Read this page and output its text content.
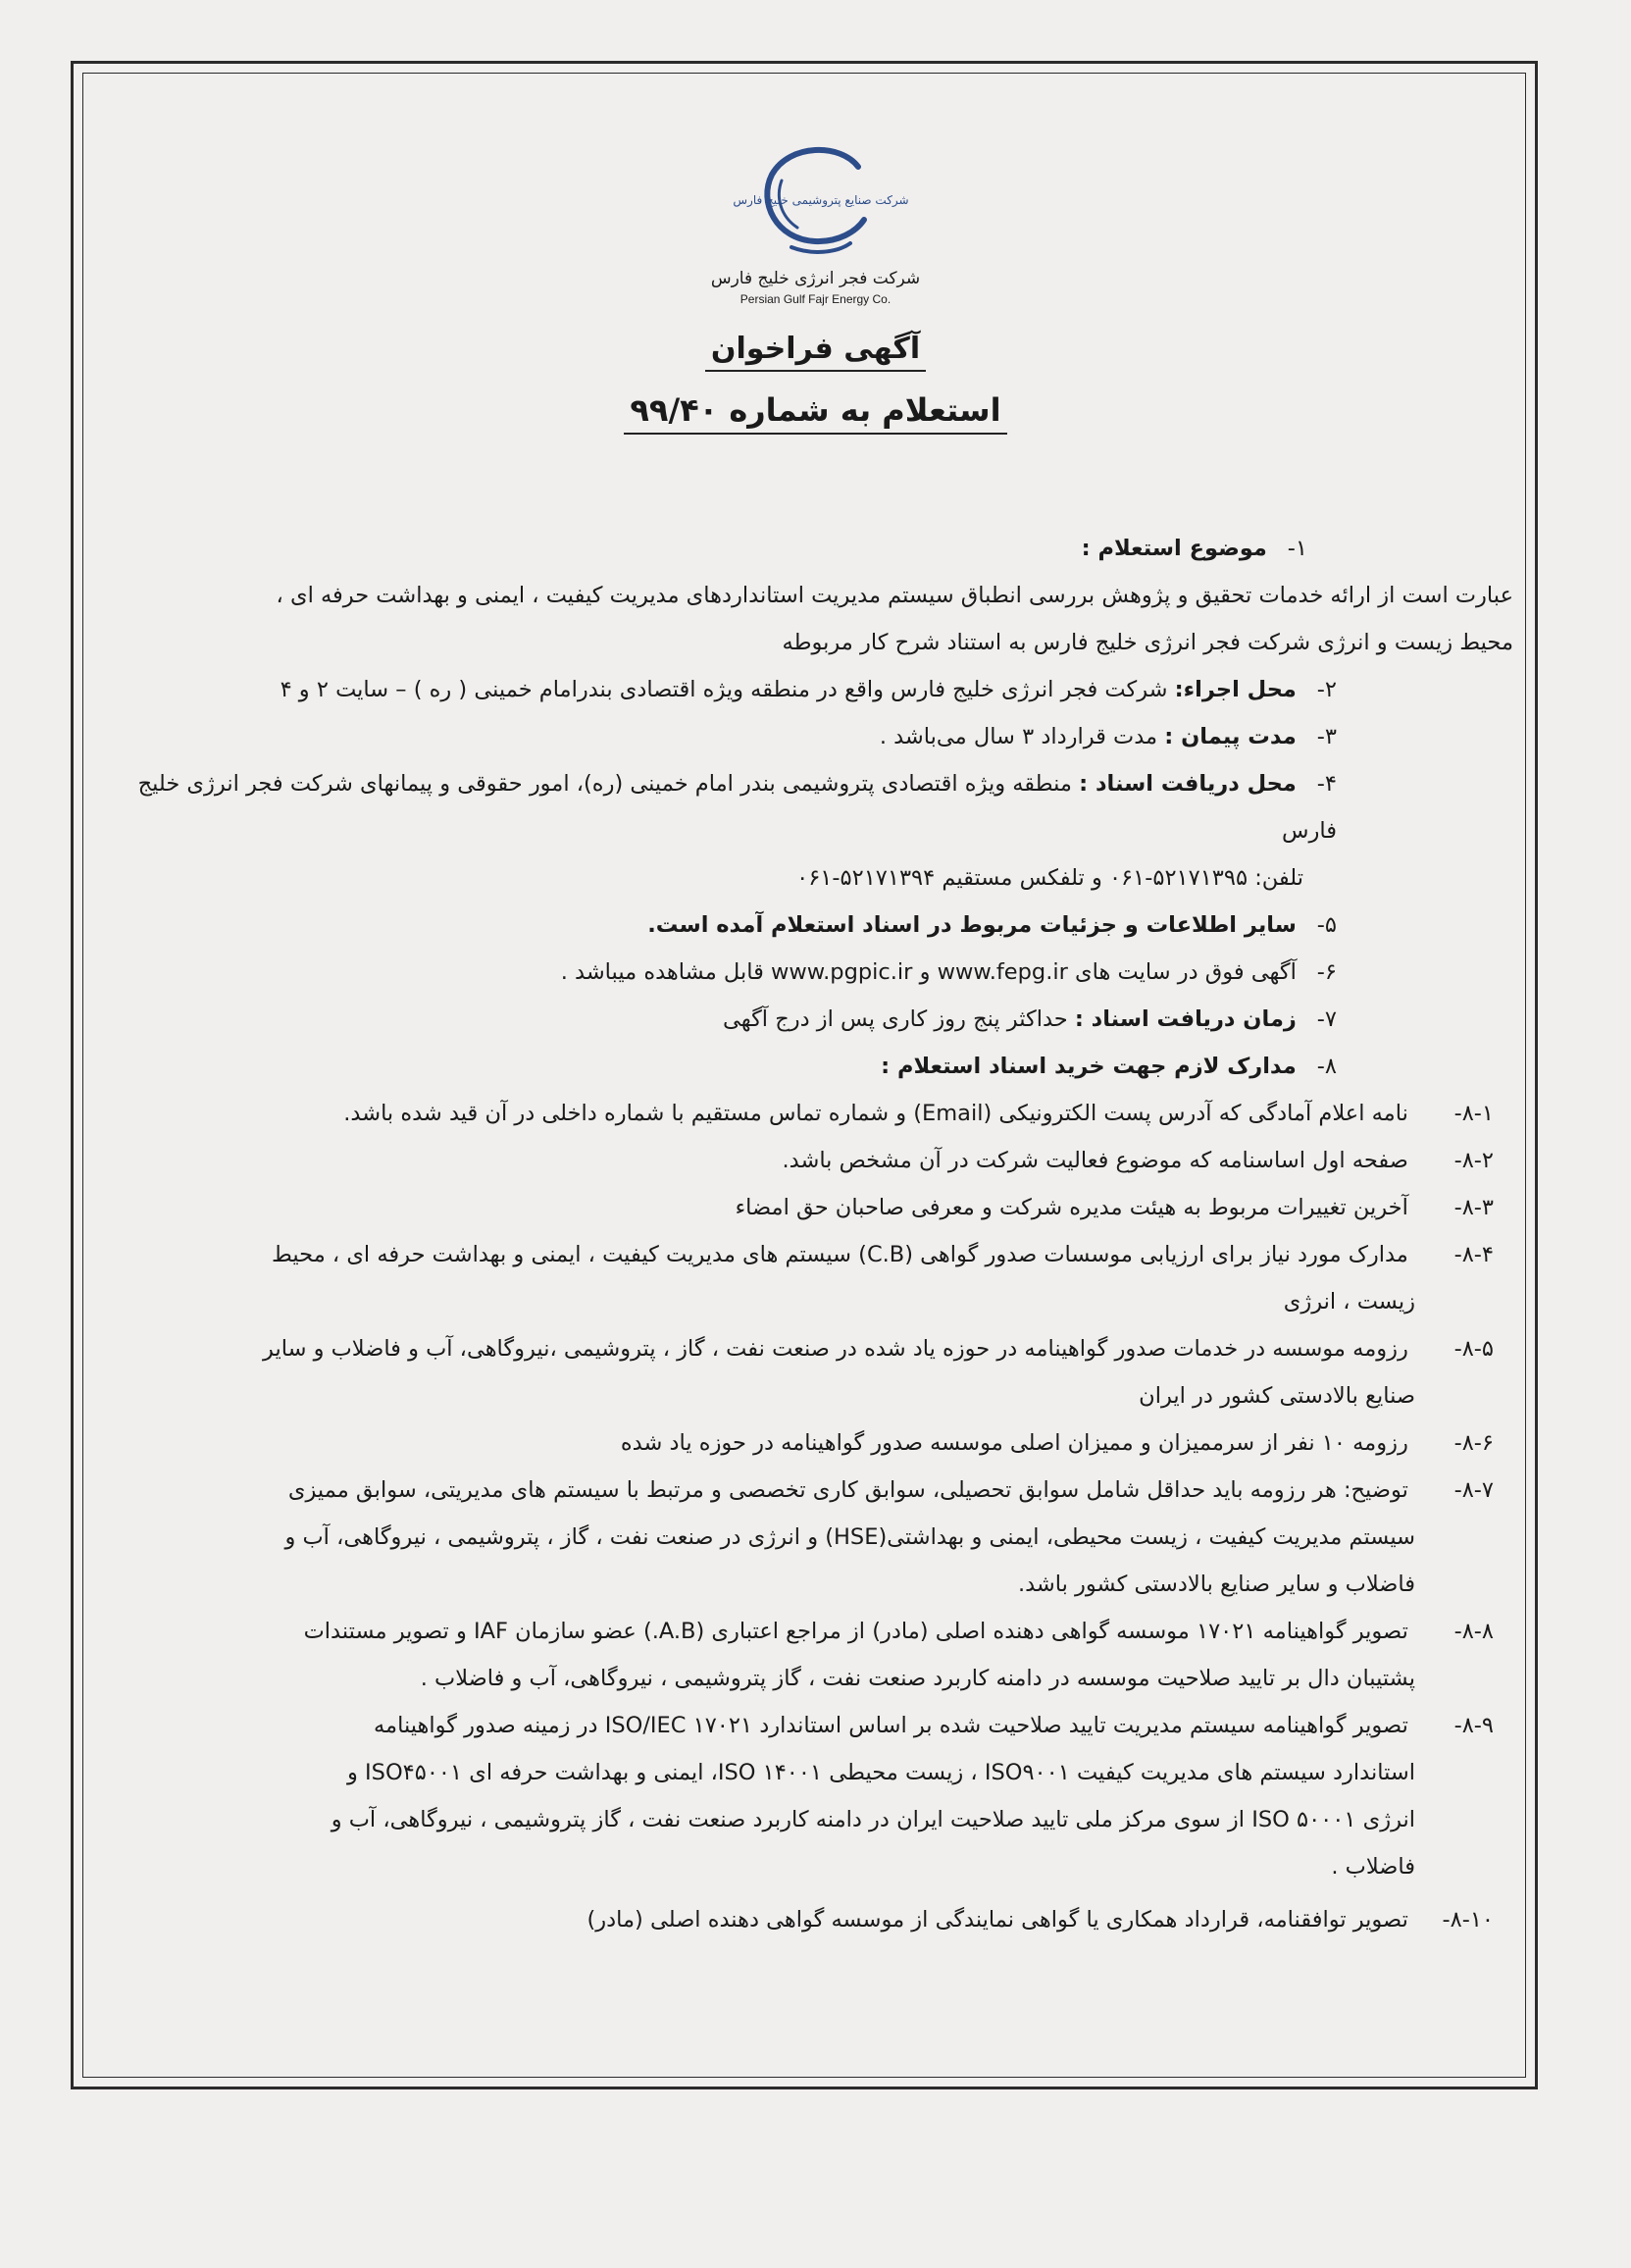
شرکت صنایع پتروشیمی خلیج فارس
شرکت فجر انرژی خلیج فارس
Persian Gulf Fajr Energy Co.
آگهی فراخوان
استعلام به شماره ۹۹/۴۰

۱- موضوع استعلام :

عبارت است از ارائه خدمات تحقیق و پژوهش بررسی انطباق سیستم مدیریت استانداردهای مدیریت کیفیت ، ایمنی و بهداشت حرفه ای ،

محیط زیست و انرژی شرکت فجر انرژی خلیج فارس به استناد شرح کار مربوطه

۲- محل اجراء: شرکت فجر انرژی خلیج فارس واقع در منطقه ویژه اقتصادی بندرامام خمینی ( ره ) – سایت ۲ و ۴

۳- مدت پیمان : مدت قرارداد ۳ سال می‌باشد .

۴- محل دریافت اسناد : منطقه ویژه اقتصادی پتروشیمی بندر امام خمینی (ره)، امور حقوقی و پیمانهای شرکت فجر انرژی خلیج فارس

تلفن: ۵۲۱۷۱۳۹۵-۰۶۱ و تلفکس مستقیم ۵۲۱۷۱۳۹۴-۰۶۱

۵- سایر اطلاعات و جزئیات مربوط در اسناد استعلام آمده است.

۶- آگهی فوق در سایت های www.fepg.ir و www.pgpic.ir قابل مشاهده میباشد .

۷- زمان دریافت اسناد : حداکثر پنج روز کاری پس از درج آگهی

۸- مدارک لازم جهت خرید اسناد استعلام :

۸-۱- نامه اعلام آمادگی که آدرس پست الکترونیکی (Email) و شماره تماس مستقیم با شماره داخلی در آن قید شده باشد.

۸-۲- صفحه اول اساسنامه که موضوع فعالیت شرکت در آن مشخص باشد.

۸-۳- آخرین تغییرات مربوط به هیئت مدیره شرکت و معرفی صاحبان حق امضاء

۸-۴- مدارک مورد نیاز برای ارزیابی موسسات صدور گواهی (C.B) سیستم های مدیریت کیفیت ، ایمنی و بهداشت حرفه ای ، محیط

زیست ، انرژی

۸-۵- رزومه موسسه در خدمات صدور گواهینامه در حوزه یاد شده در صنعت نفت ، گاز ، پتروشیمی ،نیروگاهی، آب و فاضلاب و سایر

صنایع بالادستی کشور در ایران

۸-۶- رزومه ۱۰ نفر از سرممیزان و ممیزان اصلی موسسه صدور گواهینامه در حوزه یاد شده

۸-۷- توضیح: هر رزومه باید حداقل شامل سوابق تحصیلی، سوابق کاری تخصصی و مرتبط با سیستم های مدیریتی، سوابق ممیزی

سیستم مدیریت کیفیت ، زیست محیطی، ایمنی و بهداشتی(HSE) و انرژی در صنعت نفت ، گاز ، پتروشیمی ، نیروگاهی، آب و

فاضلاب و سایر صنایع بالادستی کشور باشد.

۸-۸- تصویر گواهینامه ۱۷۰۲۱ موسسه گواهی دهنده اصلی (مادر) از مراجع اعتباری (A.B.) عضو سازمان IAF و تصویر مستندات

پشتیبان دال بر تایید صلاحیت موسسه در دامنه کاربرد صنعت نفت ، گاز پتروشیمی ، نیروگاهی، آب و فاضلاب .

۸-۹- تصویر گواهینامه سیستم مدیریت تایید صلاحیت شده بر اساس استاندارد ISO/IEC ۱۷۰۲۱ در زمینه صدور گواهینامه

استاندارد سیستم های مدیریت کیفیت ISO۹۰۰۱ ، زیست محیطی ISO ۱۴۰۰۱، ایمنی و بهداشت حرفه ای ISO۴۵۰۰۱ و

انرژی ISO ۵۰۰۰۱ از سوی مرکز ملی تایید صلاحیت ایران در دامنه کاربرد صنعت نفت ، گاز پتروشیمی ، نیروگاهی، آب و

فاضلاب .

۸-۱۰- تصویر توافقنامه، قرارداد همکاری یا گواهی نمایندگی از موسسه گواهی دهنده اصلی (مادر)
